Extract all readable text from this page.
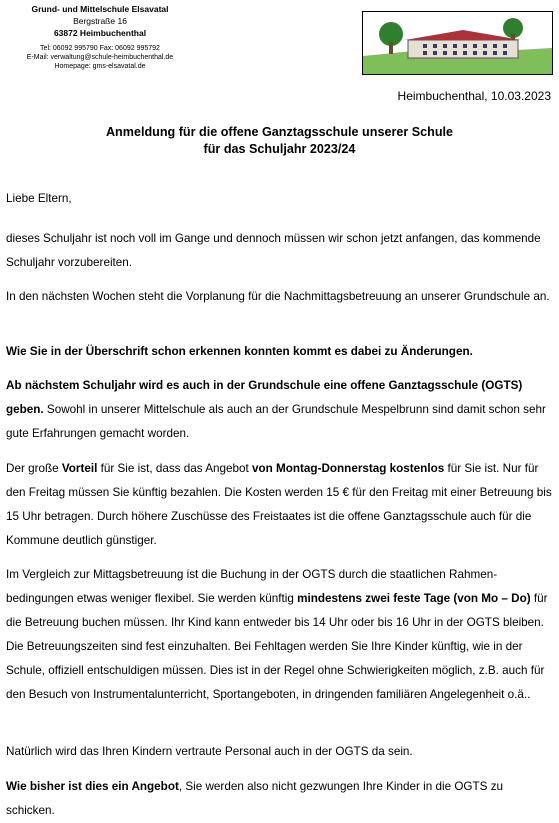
Grund- und Mittelschule Elsavatal
Bergstraße 16
63872 Heimbuchenthal
Tel: 06092 995790 Fax: 06092 995792
E-Mail: verwaltung@schule-heimbuchenthal.de
Homepage: gms-elsavatal.de
Heimbuchenthal, 10.03.2023
Anmeldung für die offene Ganztagsschule unserer Schule
für das Schuljahr 2023/24
Liebe Eltern,
dieses Schuljahr ist noch voll im Gange und dennoch müssen wir schon jetzt anfangen, das kommende Schuljahr vorzubereiten.
In den nächsten Wochen steht die Vorplanung für die Nachmittagsbetreuung an unserer Grundschule an.
Wie Sie in der Überschrift schon erkennen konnten kommt es dabei zu Änderungen.
Ab nächstem Schuljahr wird es auch in der Grundschule eine offene Ganztagsschule (OGTS) geben. Sowohl in unserer Mittelschule als auch an der Grundschule Mespelbrunn sind damit schon sehr gute Erfahrungen gemacht worden.
Der große Vorteil für Sie ist, dass das Angebot von Montag-Donnerstag kostenlos für Sie ist. Nur für den Freitag müssen Sie künftig bezahlen. Die Kosten werden 15 € für den Freitag mit einer Betreuung bis 15 Uhr betragen. Durch höhere Zuschüsse des Freistaates ist die offene Ganztagsschule auch für die Kommune deutlich günstiger.
Im Vergleich zur Mittagsbetreuung ist die Buchung in der OGTS durch die staatlichen Rahmen-bedingungen etwas weniger flexibel. Sie werden künftig mindestens zwei feste Tage (von Mo – Do) für die Betreuung buchen müssen. Ihr Kind kann entweder bis 14 Uhr oder bis 16 Uhr in der OGTS bleiben. Die Betreuungszeiten sind fest einzuhalten. Bei Fehltagen werden Sie Ihre Kinder künftig, wie in der Schule, offiziell entschuldigen müssen. Dies ist in der Regel ohne Schwierigkeiten möglich, z.B. auch für den Besuch von Instrumentalunterricht, Sportangeboten, in dringenden familiären Angelegenheit o.ä..
Natürlich wird das Ihren Kindern vertraute Personal auch in der OGTS da sein.
Wie bisher ist dies ein Angebot, Sie werden also nicht gezwungen Ihre Kinder in die OGTS zu schicken.
